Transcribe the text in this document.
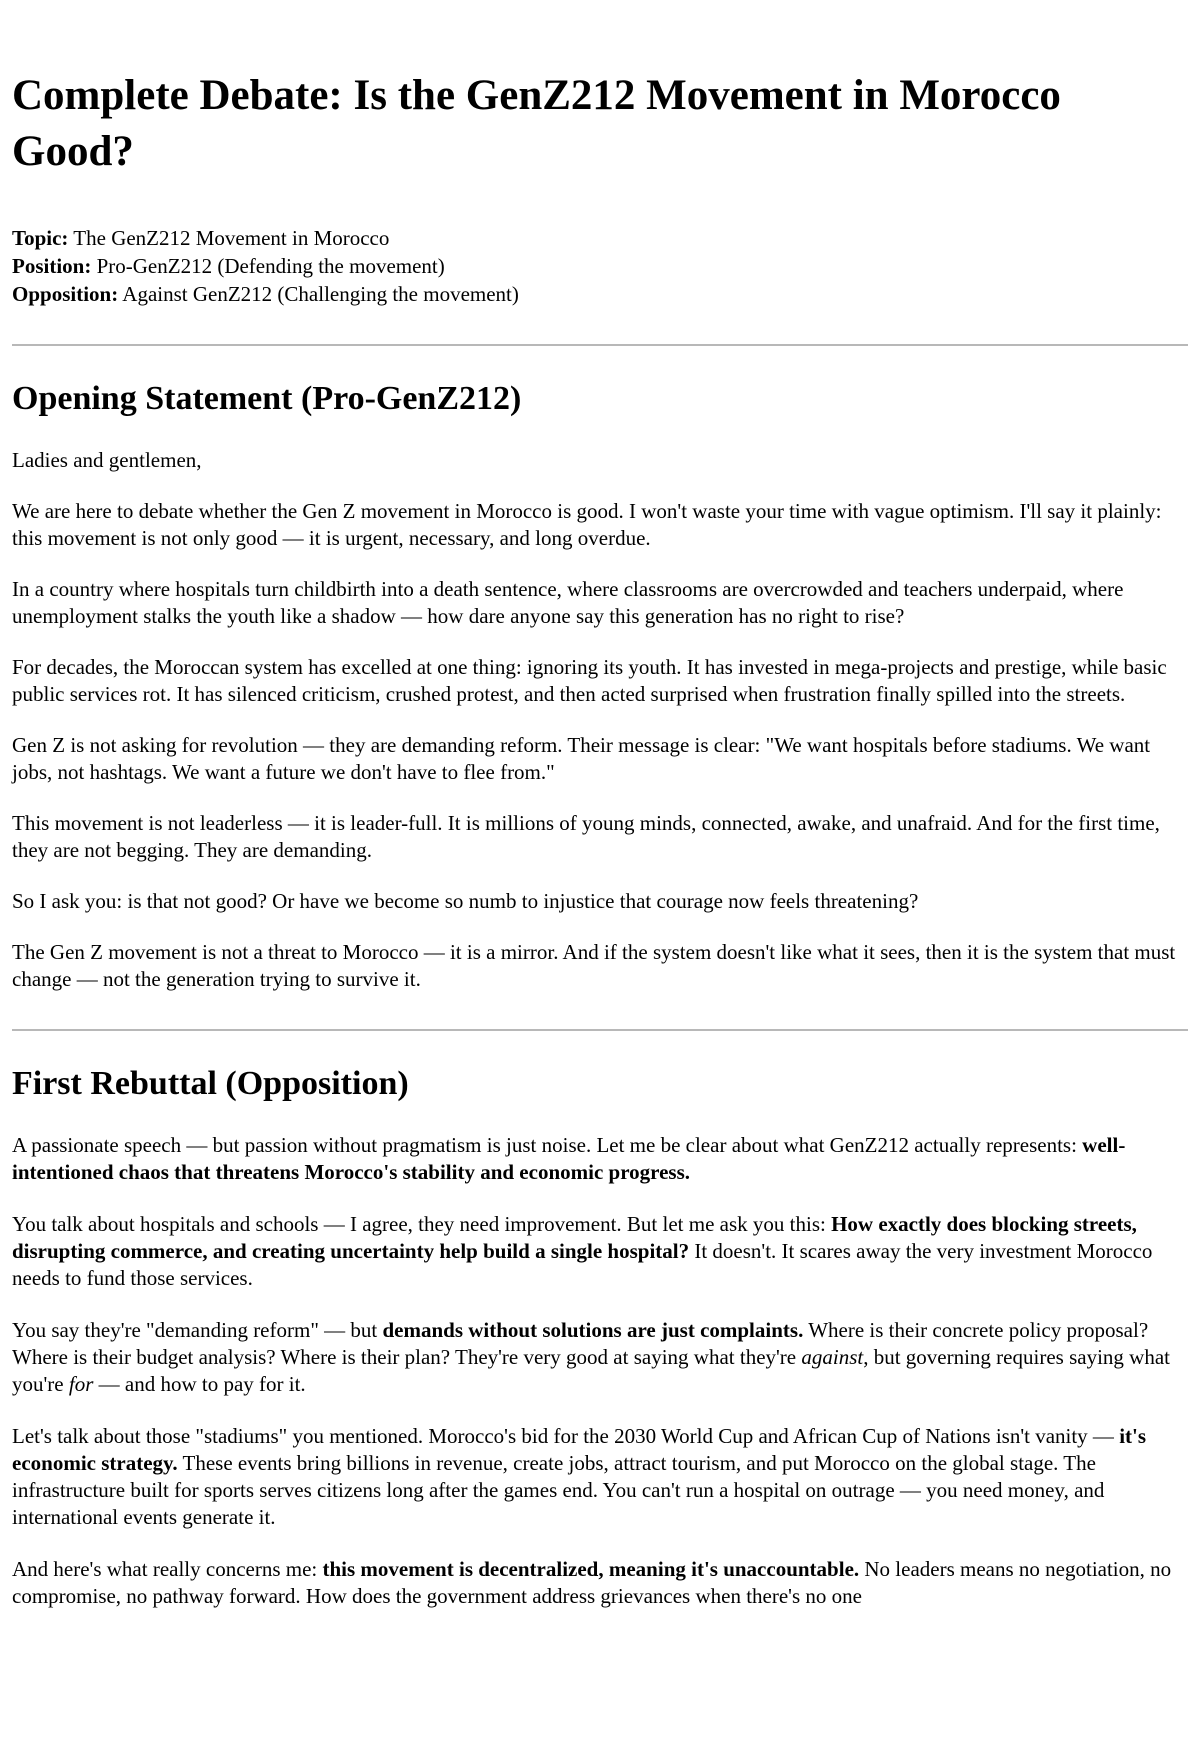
Complete Debate: Is the GenZ212 Movement in Morocco Good?
Topic: The GenZ212 Movement in Morocco
Position: Pro-GenZ212 (Defending the movement)
Opposition: Against GenZ212 (Challenging the movement)
Opening Statement (Pro-GenZ212)

Ladies and gentlemen,

We are here to debate whether the Gen Z movement in Morocco is good. I won't waste your time with vague optimism. I'll say it plainly: this movement is not only good — it is urgent, necessary, and long overdue.

In a country where hospitals turn childbirth into a death sentence, where classrooms are overcrowded and teachers underpaid, where unemployment stalks the youth like a shadow — how dare anyone say this generation has no right to rise?

For decades, the Moroccan system has excelled at one thing: ignoring its youth. It has invested in mega-projects and prestige, while basic public services rot. It has silenced criticism, crushed protest, and then acted surprised when frustration finally spilled into the streets.

Gen Z is not asking for revolution — they are demanding reform. Their message is clear: "We want hospitals before stadiums. We want jobs, not hashtags. We want a future we don't have to flee from."

This movement is not leaderless — it is leader-full. It is millions of young minds, connected, awake, and unafraid. And for the first time, they are not begging. They are demanding.

So I ask you: is that not good? Or have we become so numb to injustice that courage now feels threatening?

The Gen Z movement is not a threat to Morocco — it is a mirror. And if the system doesn't like what it sees, then it is the system that must change — not the generation trying to survive it.

First Rebuttal (Opposition)

A passionate speech — but passion without pragmatism is just noise. Let me be clear about what GenZ212 actually represents: well-intentioned chaos that threatens Morocco's stability and economic progress.

You talk about hospitals and schools — I agree, they need improvement. But let me ask you this: How exactly does blocking streets, disrupting commerce, and creating uncertainty help build a single hospital? It doesn't. It scares away the very investment Morocco needs to fund those services.

You say they're "demanding reform" — but demands without solutions are just complaints. Where is their concrete policy proposal? Where is their budget analysis? Where is their plan? They're very good at saying what they're against, but governing requires saying what you're for — and how to pay for it.

Let's talk about those "stadiums" you mentioned. Morocco's bid for the 2030 World Cup and African Cup of Nations isn't vanity — it's economic strategy. These events bring billions in revenue, create jobs, attract tourism, and put Morocco on the global stage. The infrastructure built for sports serves citizens long after the games end. You can't run a hospital on outrage — you need money, and international events generate it.

And here's what really concerns me: this movement is decentralized, meaning it's unaccountable. No leaders means no negotiation, no compromise, no pathway forward. How does the government address grievances when there's no one
